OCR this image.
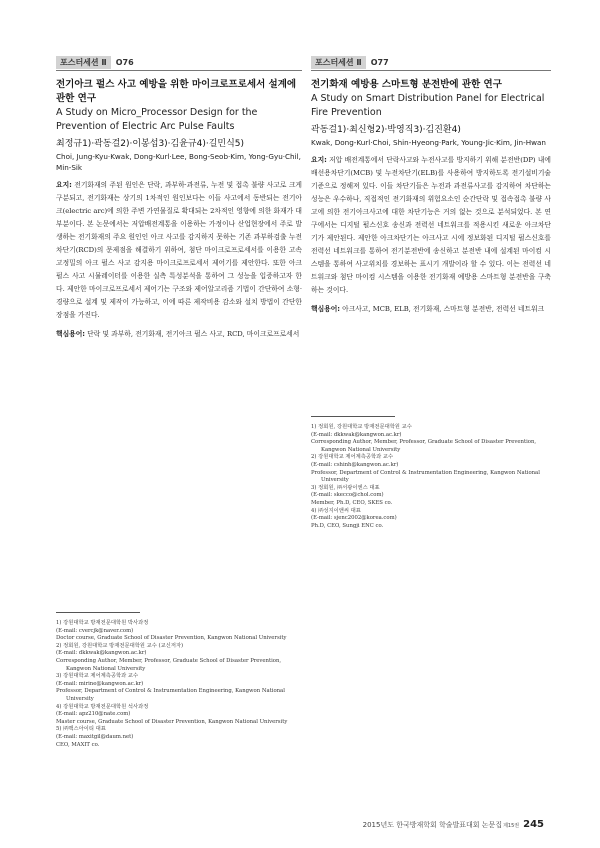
포스터세션 Ⅱ	O76
전기아크 펄스 사고 예방을 위한 마이크로프로세서 설계에 관한 연구
A Study on Micro_Processor Design for the Prevention of Electric Arc Pulse Faults
최정규1)·곽동걸2)·이봉섭3)·김윤규4)·길민식5)
Choi, Jung-Kyu·Kwak, Dong-Kurl·Lee, Bong-Seob·Kim, Yong-Gyu·Chil, Min-Sik
요지: 전기화재의 주된 원인은 단락, 과부하·과전류, 누전 및 접촉 불량 사고로 크게 구분되고, 전기화재는 상기의 1차적인 원인보다는 이들 사고에서 동반되는 전기아크(electric arc)에 의한 주변 가연물질로 확대되는 2차적인 영향에 의한 화재가 대부분이다. 본 논문에서는 저압배전계통을 이용하는 가정이나 산업현장에서 주로 발생하는 전기화재의 주요 원인인 아크 사고를 감지하지 못하는 기존 과부하검출 누전차단기(RCD)의 문제점을 해결하기 위하여, 첨단 마이크로프로세서를 이용한 고속 고정밀의 아크 펄스 사고 감지용 마이크로프로세서 제어기를 제안한다. 또한 아크 펄스 사고 시뮬레이터를 이용한 실측 특성분석을 통하여 그 성능을 입증하고자 한다. 제안한 마이크로프로세서 제어기는 구조와 제어알고리즘 기법이 간단하여 소형·경량으로 설계 및 제작이 가능하고, 이에 따른 제작비용 감소와 설치 방법이 간단한 장점을 가진다.
핵심용어: 단락 및 과부하, 전기화재, 전기아크 펄스 사고, RCD, 마이크로프로세서
1) 강원대학교 방재전문대학원 박사과정
(E-mail: cvercjk@naver.com)
Doctor course, Graduate School of Disaster Prevention, Kangwon National University
2) 정회원, 강원대학교 방재전문대학원 교수 (교신저자)
(E-mail: dkkwak@kangwon.ac.kr)
Corresponding Author, Member, Professor, Graduate School of Disaster Prevention, Kangwon National University
3) 강원대학교 제어계측공학과 교수
(E-mail: mirine@kangwon.ac.kr)
Professor, Department of Control & Instrumentation Engineering, Kangwon National University
4) 강원대학교 방재전문대학원 석사과정
(E-mail: apz210@nate.com)
Master course, Graduate School of Disaster Prevention, Kangwon National University
5) ㈜맥스아이티 대표
(E-mail: maxitgil@daum.net)
CEO, MAXIT co.
포스터세션 Ⅱ	O77
전기화재 예방용 스마트형 분전반에 관한 연구
A Study on Smart Distribution Panel for Electrical Fire Prevention
곽동걸1)·최신형2)·박영직3)·김진환4)
Kwak, Dong-Kurl·Choi, Shin-Hyeong·Park, Young-Jic·Kim, Jin-Hwan
요지: 저압 배전계통에서 단락사고와 누전사고를 방지하기 위해 분전반(DP) 내에 배선용차단기(MCB) 및 누전차단기(ELB)를 사용하여 방지하도록 전기설비기술기준으로 정해져 있다. 이들 차단기들은 누전과 과전류사고를 감지하여 차단하는 성능은 우수하나, 직접적인 전기화재의 위험요소인 순간단락 및 접속접촉 불량 사고에 의한 전기아크사고에 대한 차단기능은 거의 없는 것으로 분석되었다. 본 연구에서는 디지털 펄스신호 송신과 전력선 네트워크를 적용시킨 새로운 아크차단기가 제안된다. 제안한 아크차단기는 아크사고 시에 정보화된 디지털 펄스신호를 전력선 네트워크를 통하여 전기분전반에 송신하고 분전반 내에 설계된 마이컴 시스템을 통하여 사고위치를 경보하는 표시기 개발이라 할 수 있다. 이는 전력선 네트워크와 첨단 마이컴 시스템을 이용한 전기화재 예방용 스마트형 분전반을 구축하는 것이다.
핵심용어: 아크사고, MCB, ELB, 전기화재, 스마트형 분전반, 전력선 네트워크
1) 정회원, 강원대학교 방재전문대학원 교수
(E-mail: dkkwak@kangwon.ac.kr)
Corresponding Author, Member, Professor, Graduate School of Disaster Prevention, Kangwon National University
2) 강원대학교 제어계측공학과 교수
(E-mail: cshinh@kangwon.ac.kr)
Professor, Department of Control & Instrumentation Engineering, Kangwon National University
3) 정회원, ㈜서광이엔스 대표
(E-mail: skecco@chol.com)
Member, Ph.D, CEO, SKES co.
4) ㈜성지이앤씨 대표
(E-mail: sjenc2002@korea.com)
Ph.D, CEO, Sungji ENC co.
2015년도 한국방재학회 학술발표대회 논문집 제15권 245
